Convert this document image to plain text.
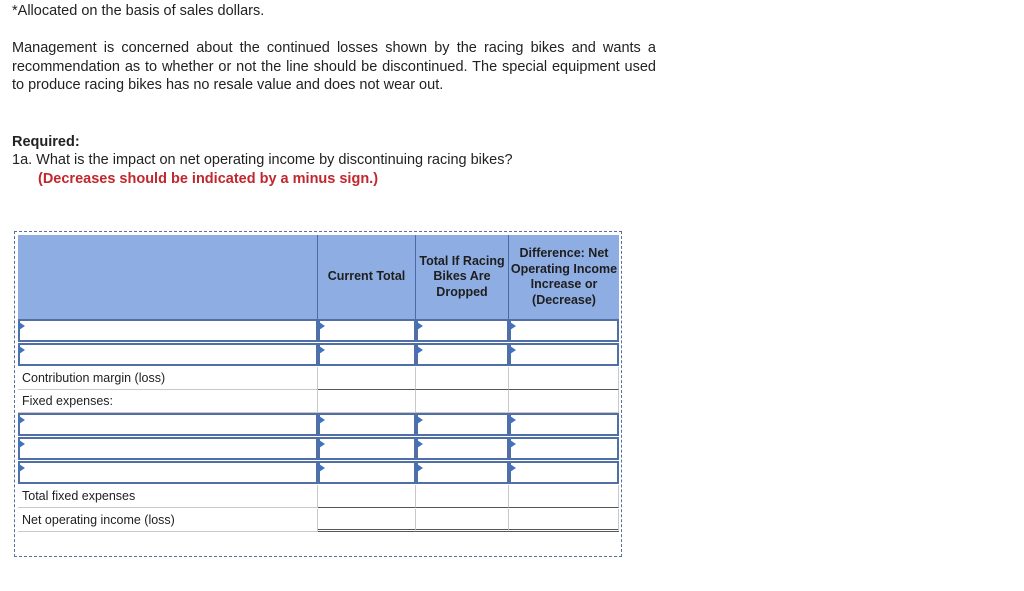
*Allocated on the basis of sales dollars.

Management is concerned about the continued losses shown by the racing bikes and wants a recommendation as to whether or not the line should be discontinued. The special equipment used to produce racing bikes has no resale value and does not wear out.

Required:

1a. What is the impact on net operating income by discontinuing racing bikes?

(Decreases should be indicated by a minus sign.)

Current Total
Total If Racing Bikes Are Dropped
Difference: Net Operating Income Increase or (Decrease)
Contribution margin (loss)
Fixed expenses:
Total fixed expenses
Net operating income (loss)
